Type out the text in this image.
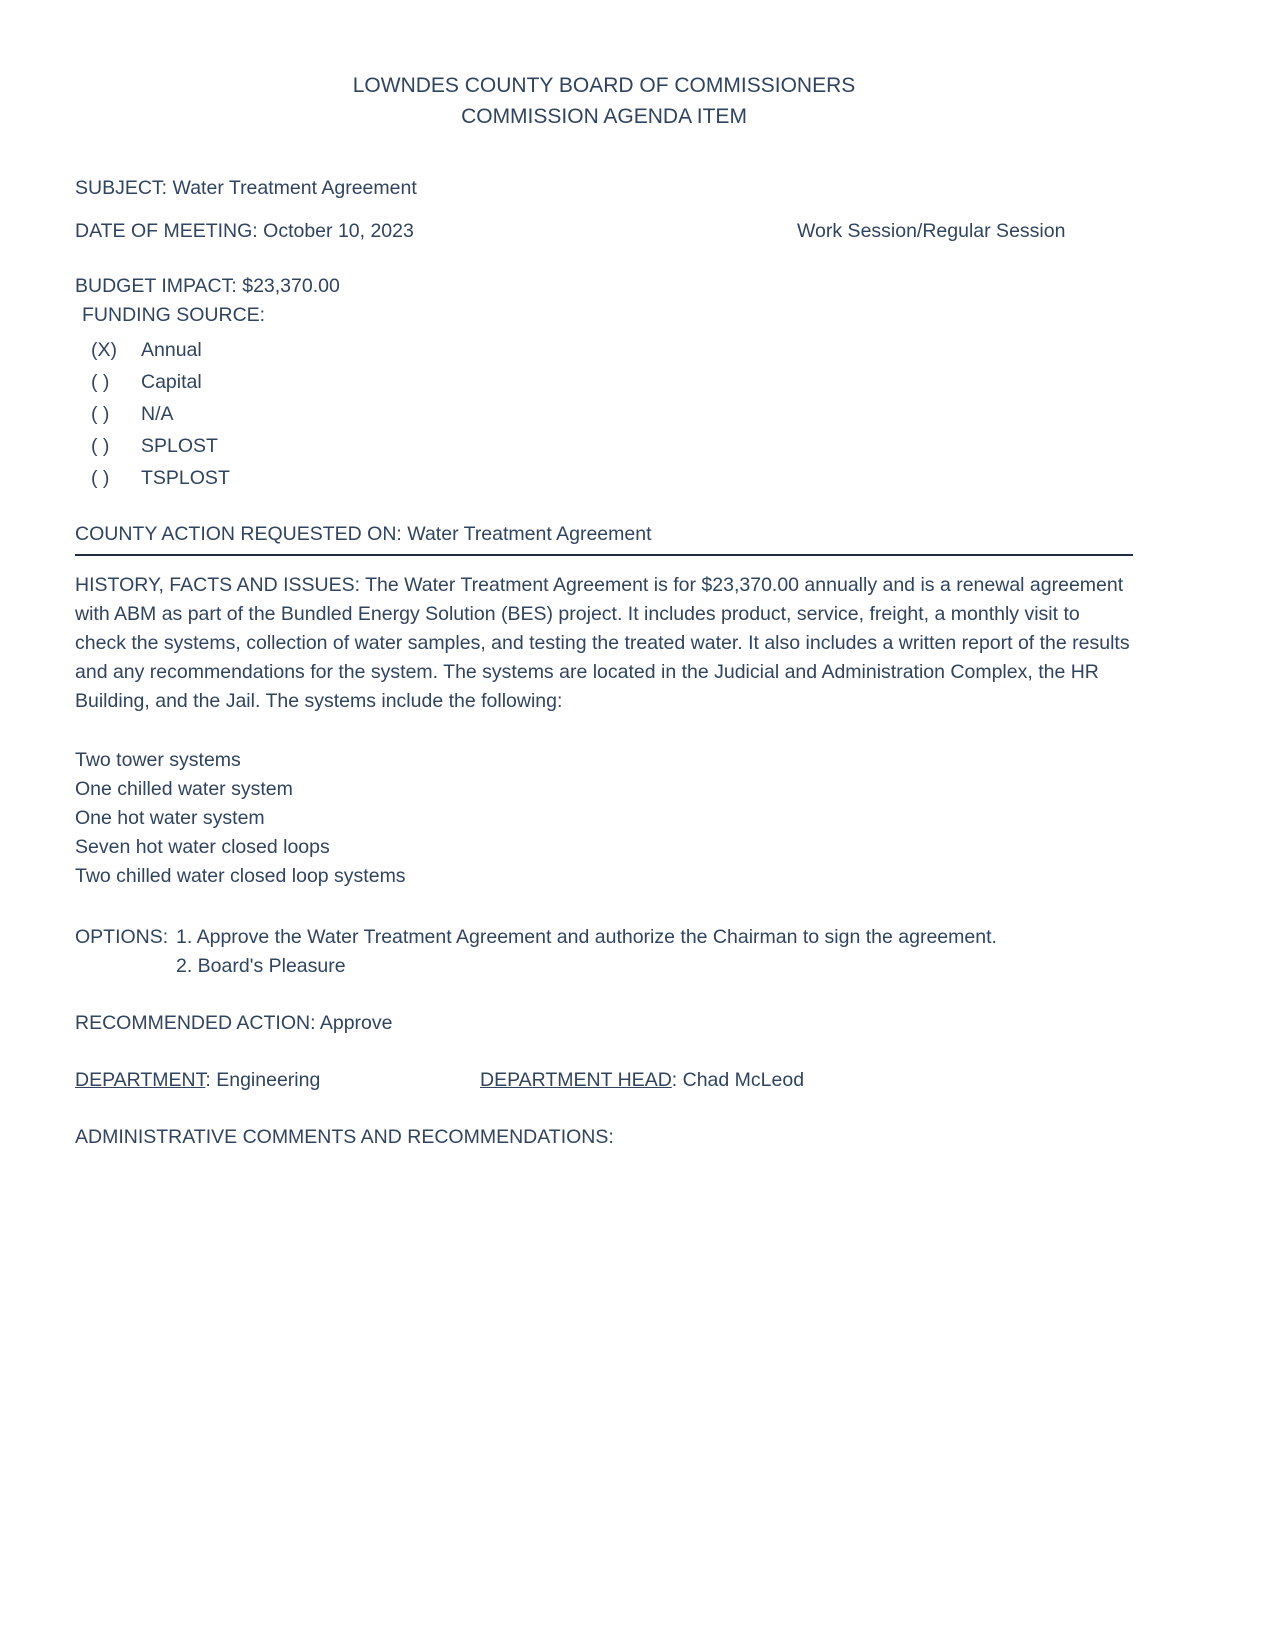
LOWNDES COUNTY BOARD OF COMMISSIONERS
COMMISSION AGENDA ITEM
SUBJECT: Water Treatment Agreement
DATE OF MEETING: October 10, 2023	Work Session/Regular Session
BUDGET IMPACT: $23,370.00
FUNDING SOURCE:
(X)	Annual
( )	Capital
( )	N/A
( )	SPLOST
( )	TSPLOST
COUNTY ACTION REQUESTED ON: Water Treatment Agreement
HISTORY, FACTS AND ISSUES: The Water Treatment Agreement is for $23,370.00 annually and is a renewal agreement with ABM as part of the Bundled Energy Solution (BES) project. It includes product, service, freight, a monthly visit to check the systems, collection of water samples, and testing the treated water. It also includes a written report of the results and any recommendations for the system. The systems are located in the Judicial and Administration Complex, the HR Building, and the Jail. The systems include the following:
Two tower systems
One chilled water system
One hot water system
Seven hot water closed loops
Two chilled water closed loop systems
OPTIONS: 1. Approve the Water Treatment Agreement and authorize the Chairman to sign the agreement.
2. Board's Pleasure
RECOMMENDED ACTION: Approve
DEPARTMENT: Engineering	DEPARTMENT HEAD: Chad McLeod
ADMINISTRATIVE COMMENTS AND RECOMMENDATIONS:
